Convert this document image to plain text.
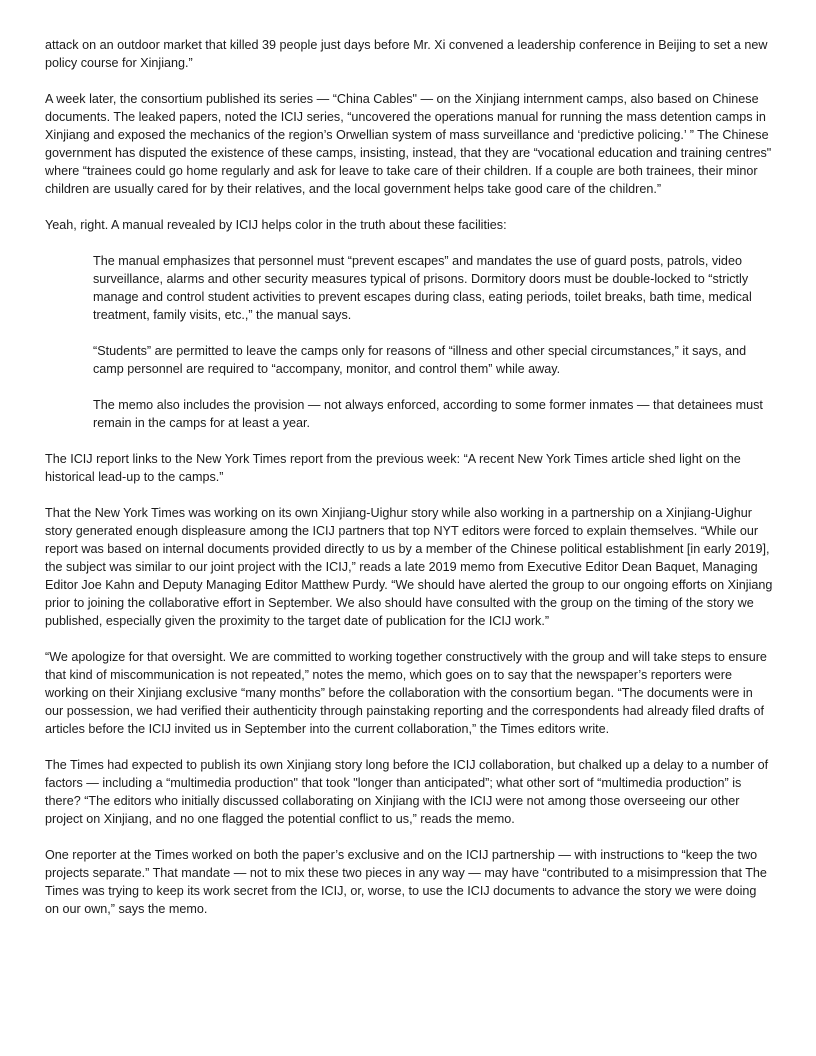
attack on an outdoor market that killed 39 people just days before Mr. Xi convened a leadership conference in Beijing to set a new policy course for Xinjiang.”

A week later, the consortium published its series — “China Cables" — on the Xinjiang internment camps, also based on Chinese documents. The leaked papers, noted the ICIJ series, “uncovered the operations manual for running the mass detention camps in Xinjiang and exposed the mechanics of the region’s Orwellian system of mass surveillance and ‘predictive policing.’ ” The Chinese government has disputed the existence of these camps, insisting, instead, that they are “vocational education and training centres" where “trainees could go home regularly and ask for leave to take care of their children. If a couple are both trainees, their minor children are usually cared for by their relatives, and the local government helps take good care of the children.”

Yeah, right. A manual revealed by ICIJ helps color in the truth about these facilities:

The manual emphasizes that personnel must “prevent escapes” and mandates the use of guard posts, patrols, video surveillance, alarms and other security measures typical of prisons. Dormitory doors must be double-locked to “strictly manage and control student activities to prevent escapes during class, eating periods, toilet breaks, bath time, medical treatment, family visits, etc.,” the manual says.

“Students” are permitted to leave the camps only for reasons of “illness and other special circumstances,” it says, and camp personnel are required to “accompany, monitor, and control them” while away.

The memo also includes the provision — not always enforced, according to some former inmates — that detainees must remain in the camps for at least a year.

The ICIJ report links to the New York Times report from the previous week: “A recent New York Times article shed light on the historical lead-up to the camps.”

That the New York Times was working on its own Xinjiang-Uighur story while also working in a partnership on a Xinjiang-Uighur story generated enough displeasure among the ICIJ partners that top NYT editors were forced to explain themselves. “While our report was based on internal documents provided directly to us by a member of the Chinese political establishment [in early 2019], the subject was similar to our joint project with the ICIJ,” reads a late 2019 memo from Executive Editor Dean Baquet, Managing Editor Joe Kahn and Deputy Managing Editor Matthew Purdy. “We should have alerted the group to our ongoing efforts on Xinjiang prior to joining the collaborative effort in September. We also should have consulted with the group on the timing of the story we published, especially given the proximity to the target date of publication for the ICIJ work.”

“We apologize for that oversight. We are committed to working together constructively with the group and will take steps to ensure that kind of miscommunication is not repeated,” notes the memo, which goes on to say that the newspaper’s reporters were working on their Xinjiang exclusive “many months” before the collaboration with the consortium began. “The documents were in our possession, we had verified their authenticity through painstaking reporting and the correspondents had already filed drafts of articles before the ICIJ invited us in September into the current collaboration,” the Times editors write.

The Times had expected to publish its own Xinjiang story long before the ICIJ collaboration, but chalked up a delay to a number of factors — including a “multimedia production" that took "longer than anticipated”; what other sort of “multimedia production” is there? “The editors who initially discussed collaborating on Xinjiang with the ICIJ were not among those overseeing our other project on Xinjiang, and no one flagged the potential conflict to us,” reads the memo.

One reporter at the Times worked on both the paper’s exclusive and on the ICIJ partnership — with instructions to “keep the two projects separate.” That mandate — not to mix these two pieces in any way — may have “contributed to a misimpression that The Times was trying to keep its work secret from the ICIJ, or, worse, to use the ICIJ documents to advance the story we were doing on our own,” says the memo.
